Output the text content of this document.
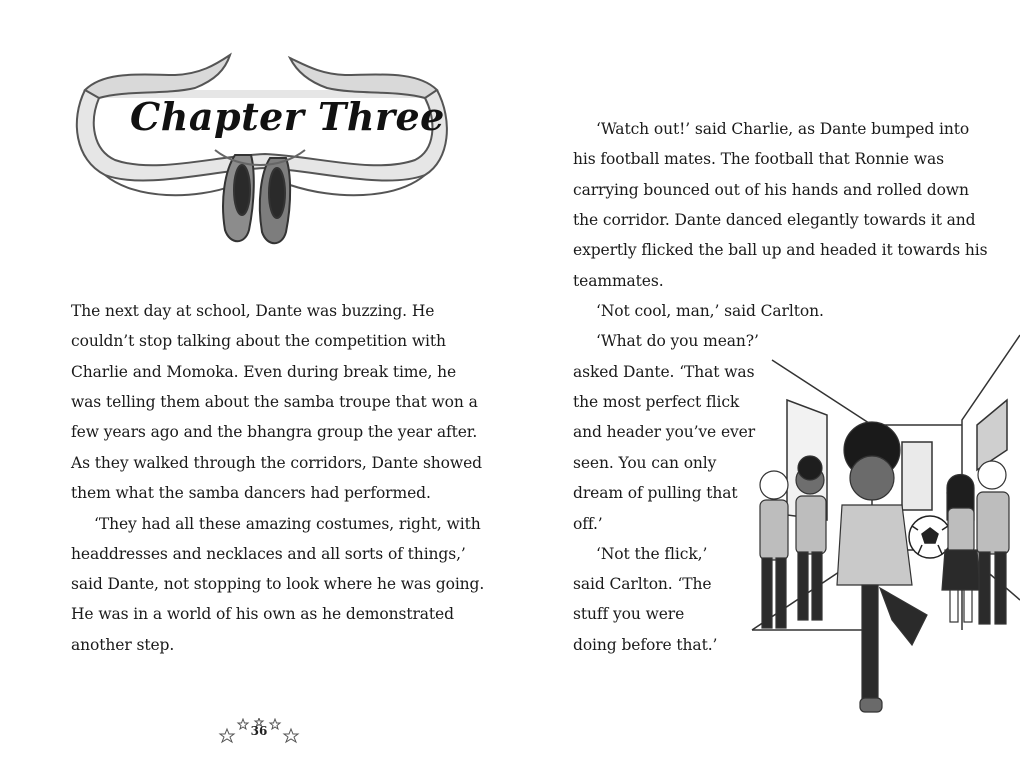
Chapter Three
The next day at school, Dante was buzzing. He
couldn’t stop talking about the competition with
Charlie and Momoka. Even during break time, he
was telling them about the samba troupe that won a
few years ago and the bhangra group the year after.
As they walked through the corridors, Dante showed
them what the samba dancers had performed.
‘They had all these amazing costumes, right, with
headdresses and necklaces and all sorts of things,’
said Dante, not stopping to look where he was going.
He was in a world of his own as he demonstrated
another step.
36
‘Watch out!’ said Charlie, as Dante bumped into
his football mates. The football that Ronnie was
carrying bounced out of his hands and rolled down
the corridor. Dante danced elegantly towards it and
expertly flicked the ball up and headed it towards his
teammates.
‘Not cool, man,’ said Carlton.
‘What do you mean?’
asked Dante. ‘That was
the most perfect flick
and header you’ve ever
seen. You can only
dream of pulling that
off.’
‘Not the flick,’
said Carlton. ‘The
stuff you were
doing before that.’
